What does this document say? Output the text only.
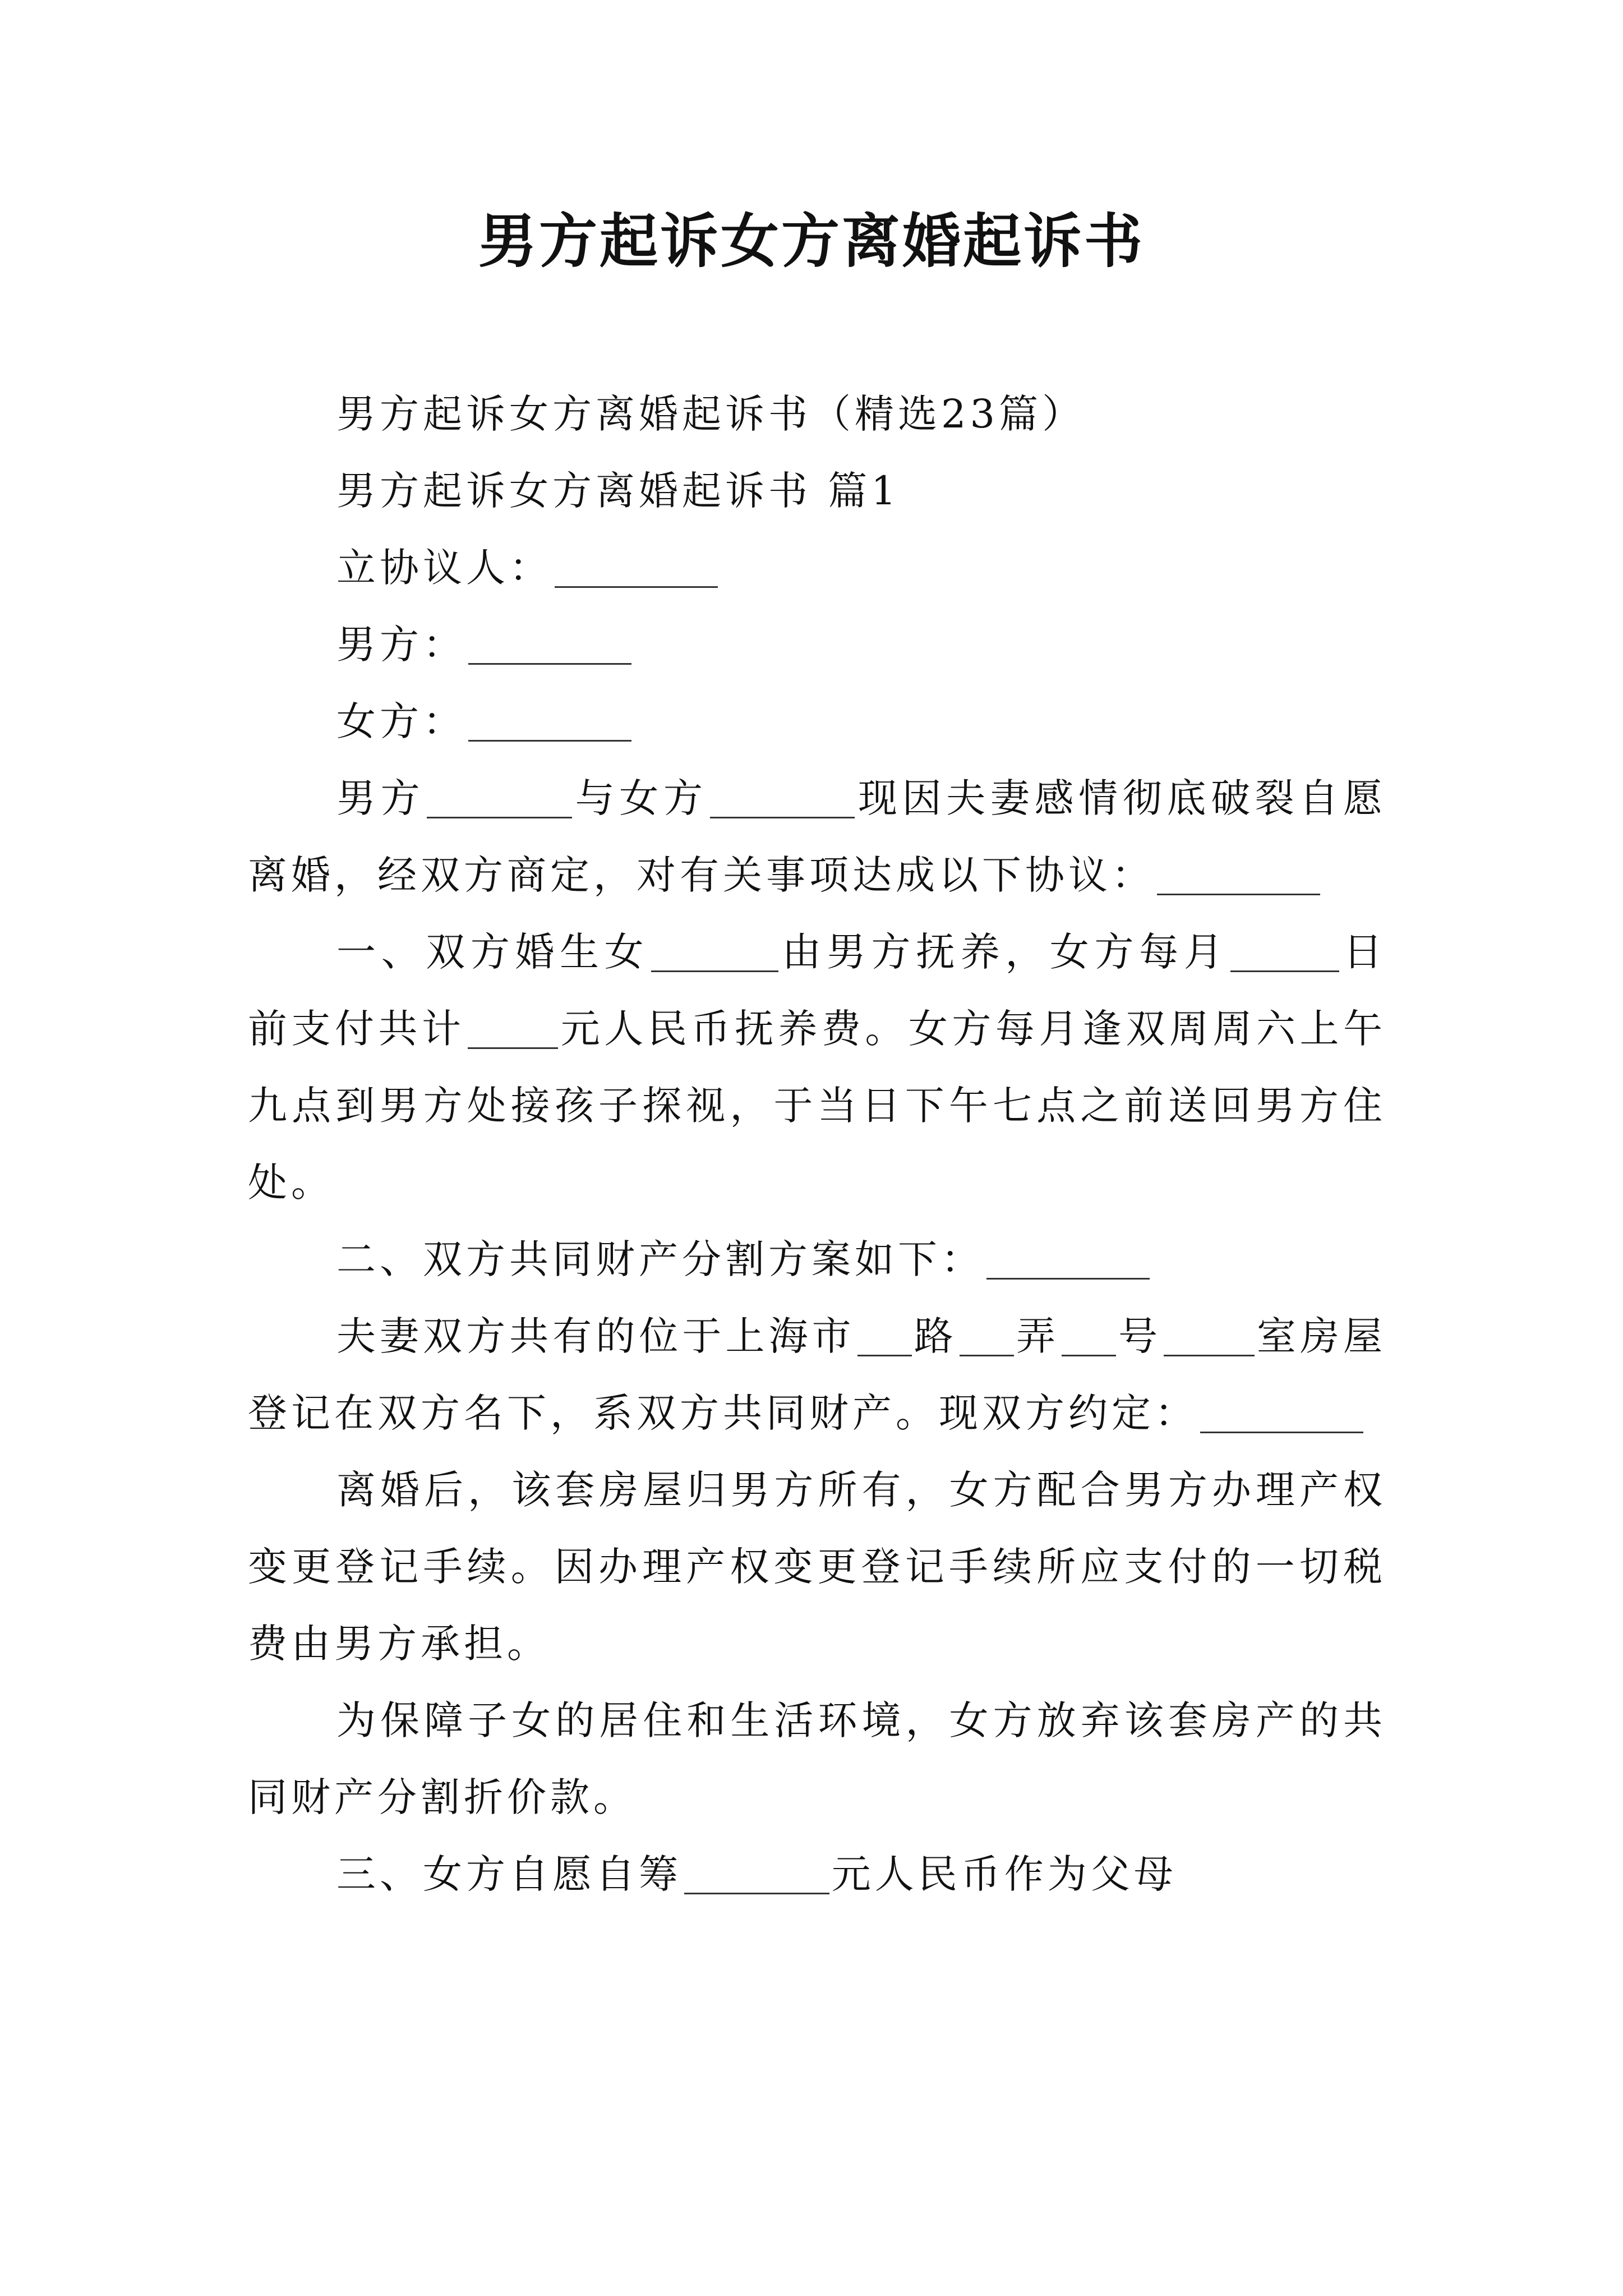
男方起诉女方离婚起诉书

男方起诉女方离婚起诉书（精选23篇）

男方起诉女方离婚起诉书 篇1

立协议人：

男方：

女方：

男方	与女方	现因夫妻感情彻底破裂自愿离婚，经双方商定，对有关事项达成以下协议：

一、双方婚生女	由男方抚养，女方每月	日前支付共计 元人民币抚养费。女方每月逢双周周六上午九点到男方处接孩子探视，于当日下午七点之前送回男方住处。

二、双方共同财产分割方案如下：

夫妻双方共有的位于上海市 路 弄 号 室房屋登记在双方名下，系双方共同财产。现双方约定：

离婚后，该套房屋归男方所有，女方配合男方办理产权变更登记手续。因办理产权变更登记手续所应支付的一切税费由男方承担。

为保障子女的居住和生活环境，女方放弃该套房产的共同财产分割折价款。

三、女方自愿自筹	元人民币作为父母
